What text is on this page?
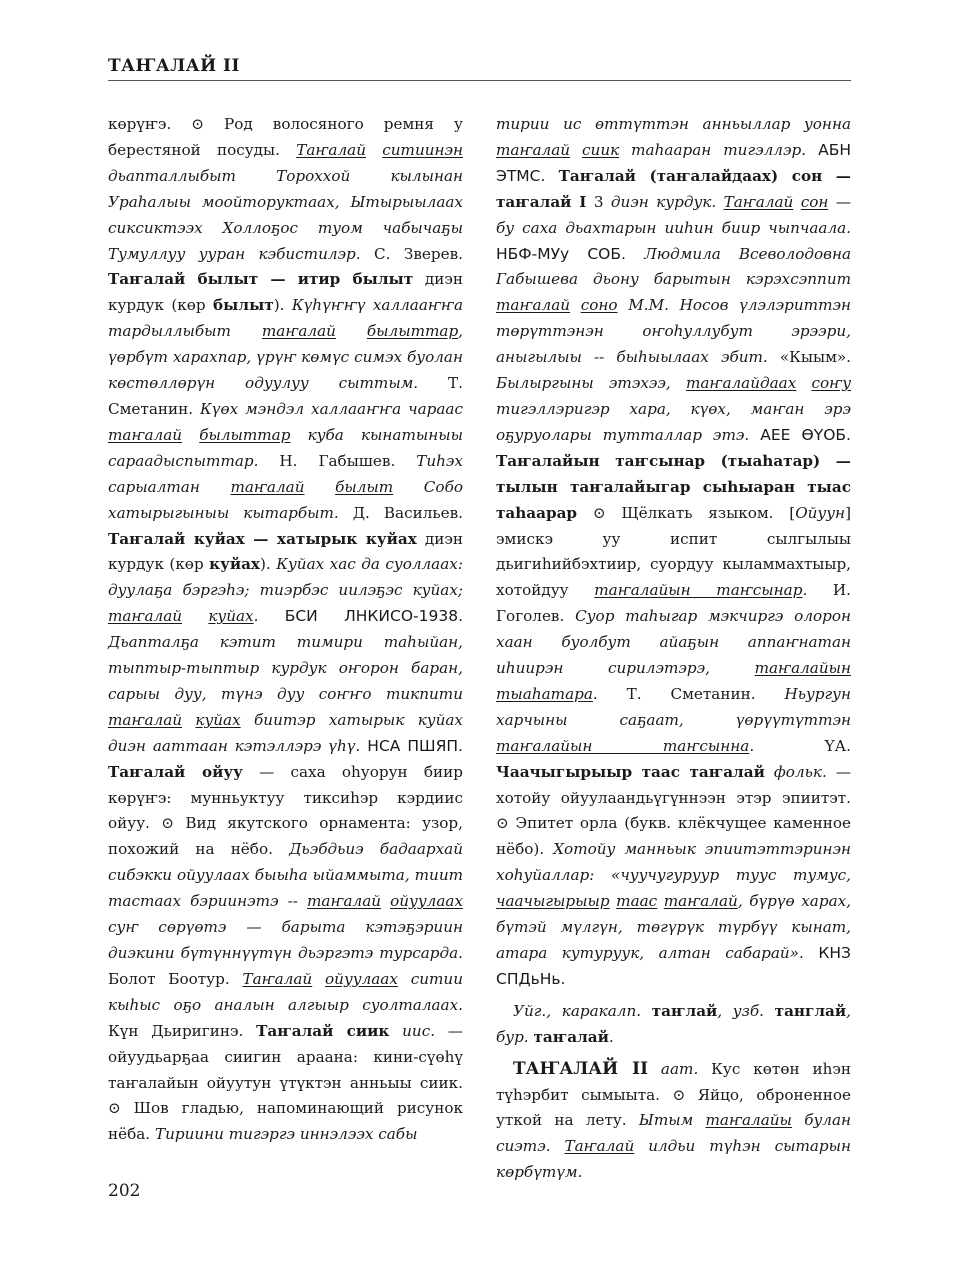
ТАҤАЛАЙ II

көрүҥэ. ⊙ Род волосяного ремня у берестяной посуды. Таҥалай ситиинэн дьапталлыбыт Тороххой кылынан Ураһалыы моойторуктаах, Ытырыылаах сиксиктээх Холлоҕос туом чабычаҕы Тумуллуу ууран кэбистилэр. С. Зверев. Таҥалай былыт — итир былыт диэн курдук (көр былыт). Күһүҥҥү халлааҥҥа тардыллыбыт таҥалай былыттар, үөрбүт харахпар, үрүҥ көмүс симэх буолан көстөллөрүн одуулуу сыттым. Т. Сметанин. Күөх мэндэл халлааҥҥа чараас таҥалай былыттар куба кынатыныы сараадыспыттар. Н. Габышев. Тиһэх сарыалтан таҥалай былыт Собо хатырыгыныы кытарбыт. Д. Васильев. Таҥалай куйах — хатырык куйах диэн курдук (көр куйах). Куйах хас да суоллаах: дуулаҕа бэргэһэ; тиэрбэс иилэҕэс куйах; таҥалай куйах. БСИ ЛНКИСО-1938. Дьапталҕа кэтит тимири таһыйан, тыптыр-тыптыр курдук оҥорон баран, сарыы дуу, түнэ дуу соҥҥо тикпити таҥалай куйах биитэр хатырык куйах диэн ааттаан кэтэллэрэ үһү. НСА ПШЯП. Таҥалай ойуу — саха оһуорун биир көрүҥэ: мунньуктуу тиксиһэр кэрдиис ойуу. ⊙ Вид якутского орнамента: узор, похожий на нёбо. Дьэбдьиэ бадаархай сибэкки ойуулаах быыһа ыйаммыта, тиит тастаах бэриинэтэ -- таҥалай ойуулаах суҥ сөрүөтэ — барыта кэтэҕэриин диэкини бүтүннүүтүн дьэргэтэ турсарда. Болот Боотур. Таҥалай ойуулаах ситии кыһыс оҕо аналын алгыыр суолталаах. Күн Дьиригинэ. Таҥалай сиик иис. — ойуудьарҕаа сиигин араана: кини-сүөһү таҥалайын ойуутун үтүктэн анньыы сиик. ⊙ Шов гладью, напоминающий рисунок нёба. Тириини тигэргэ иннэлээх сабы

тирии ис өттүттэн анньыллар уонна таҥалай сиик таһааран тигэллэр. АБН ЭТМС. Таҥалай (таҥалайдаах) сон — таҥалай I 3 диэн курдук. Таҥалай сон — бу саха дьахтарын ииһин биир чыпчаала. НБФ-МУу СОБ. Людмила Всеволодовна Габышева дьону барытын кэрэхсэппит таҥалай соно М.М. Носов үлэлэриттэн төрүттэнэн оҥоһуллубут эрээри, аныгылыы -- быһыылаах эбит. «Кыым». Былыргыны этэхээ, таҥалайдаах соҥу тигэллэригэр хара, күөх, маҥан эрэ оҕуруолары тутталлар этэ. АЕЕ ӨҮОБ. Таҥалайын таҥсынар (тыаһатар) — тылын таҥалайыгар сыһыаран тыас таһаарар ⊙ Щёлкать языком. [Ойуун] эмискэ уу испит сылгылыы дьигиһийбэхтиир, суордуу кыламмахтыыр, хотойдуу таҥалайын таҥсынар. И. Гоголев. Суор таһыгар мэкчиргэ олорон хаан буолбут айаҕын аппаҥнатан иһиирэн сирилэтэрэ, таҥалайын тыаһатара. Т. Сметанин. Ньургун харчыны саҕаат, үөрүүтүттэн таҥалайын таҥсынна. ҮА. Чаачыгырыыр таас таҥалай фольк. — хотойу ойуулаандьүгүннээн этэр эпиитэт. ⊙ Эпитет орла (букв. клёкчущее каменное нёбо). Хотойу манньык эпиитэттэринэн хоһуйаллар: «чуучугуруур туус тумус, чаачыгырыыр таас таҥалай, бүрүө харах, бүтэй мүлгүн, төгүрүк түрбүү кынат, атара кутуруук, алтан сабарай». КНЗ СПДьНь.

Уйг., каракалп. таҥлай, узб. танглай, бур. таҥалай.

ТАҤАЛАЙ II аат. Кус көтөн иһэн түһэрбит сымыыта. ⊙ Яйцо, оброненное уткой на лету. Ытым таҥалайы булан сиэтэ. Таҥалай илдьи түһэн сытарын көрбүтүм.

202
